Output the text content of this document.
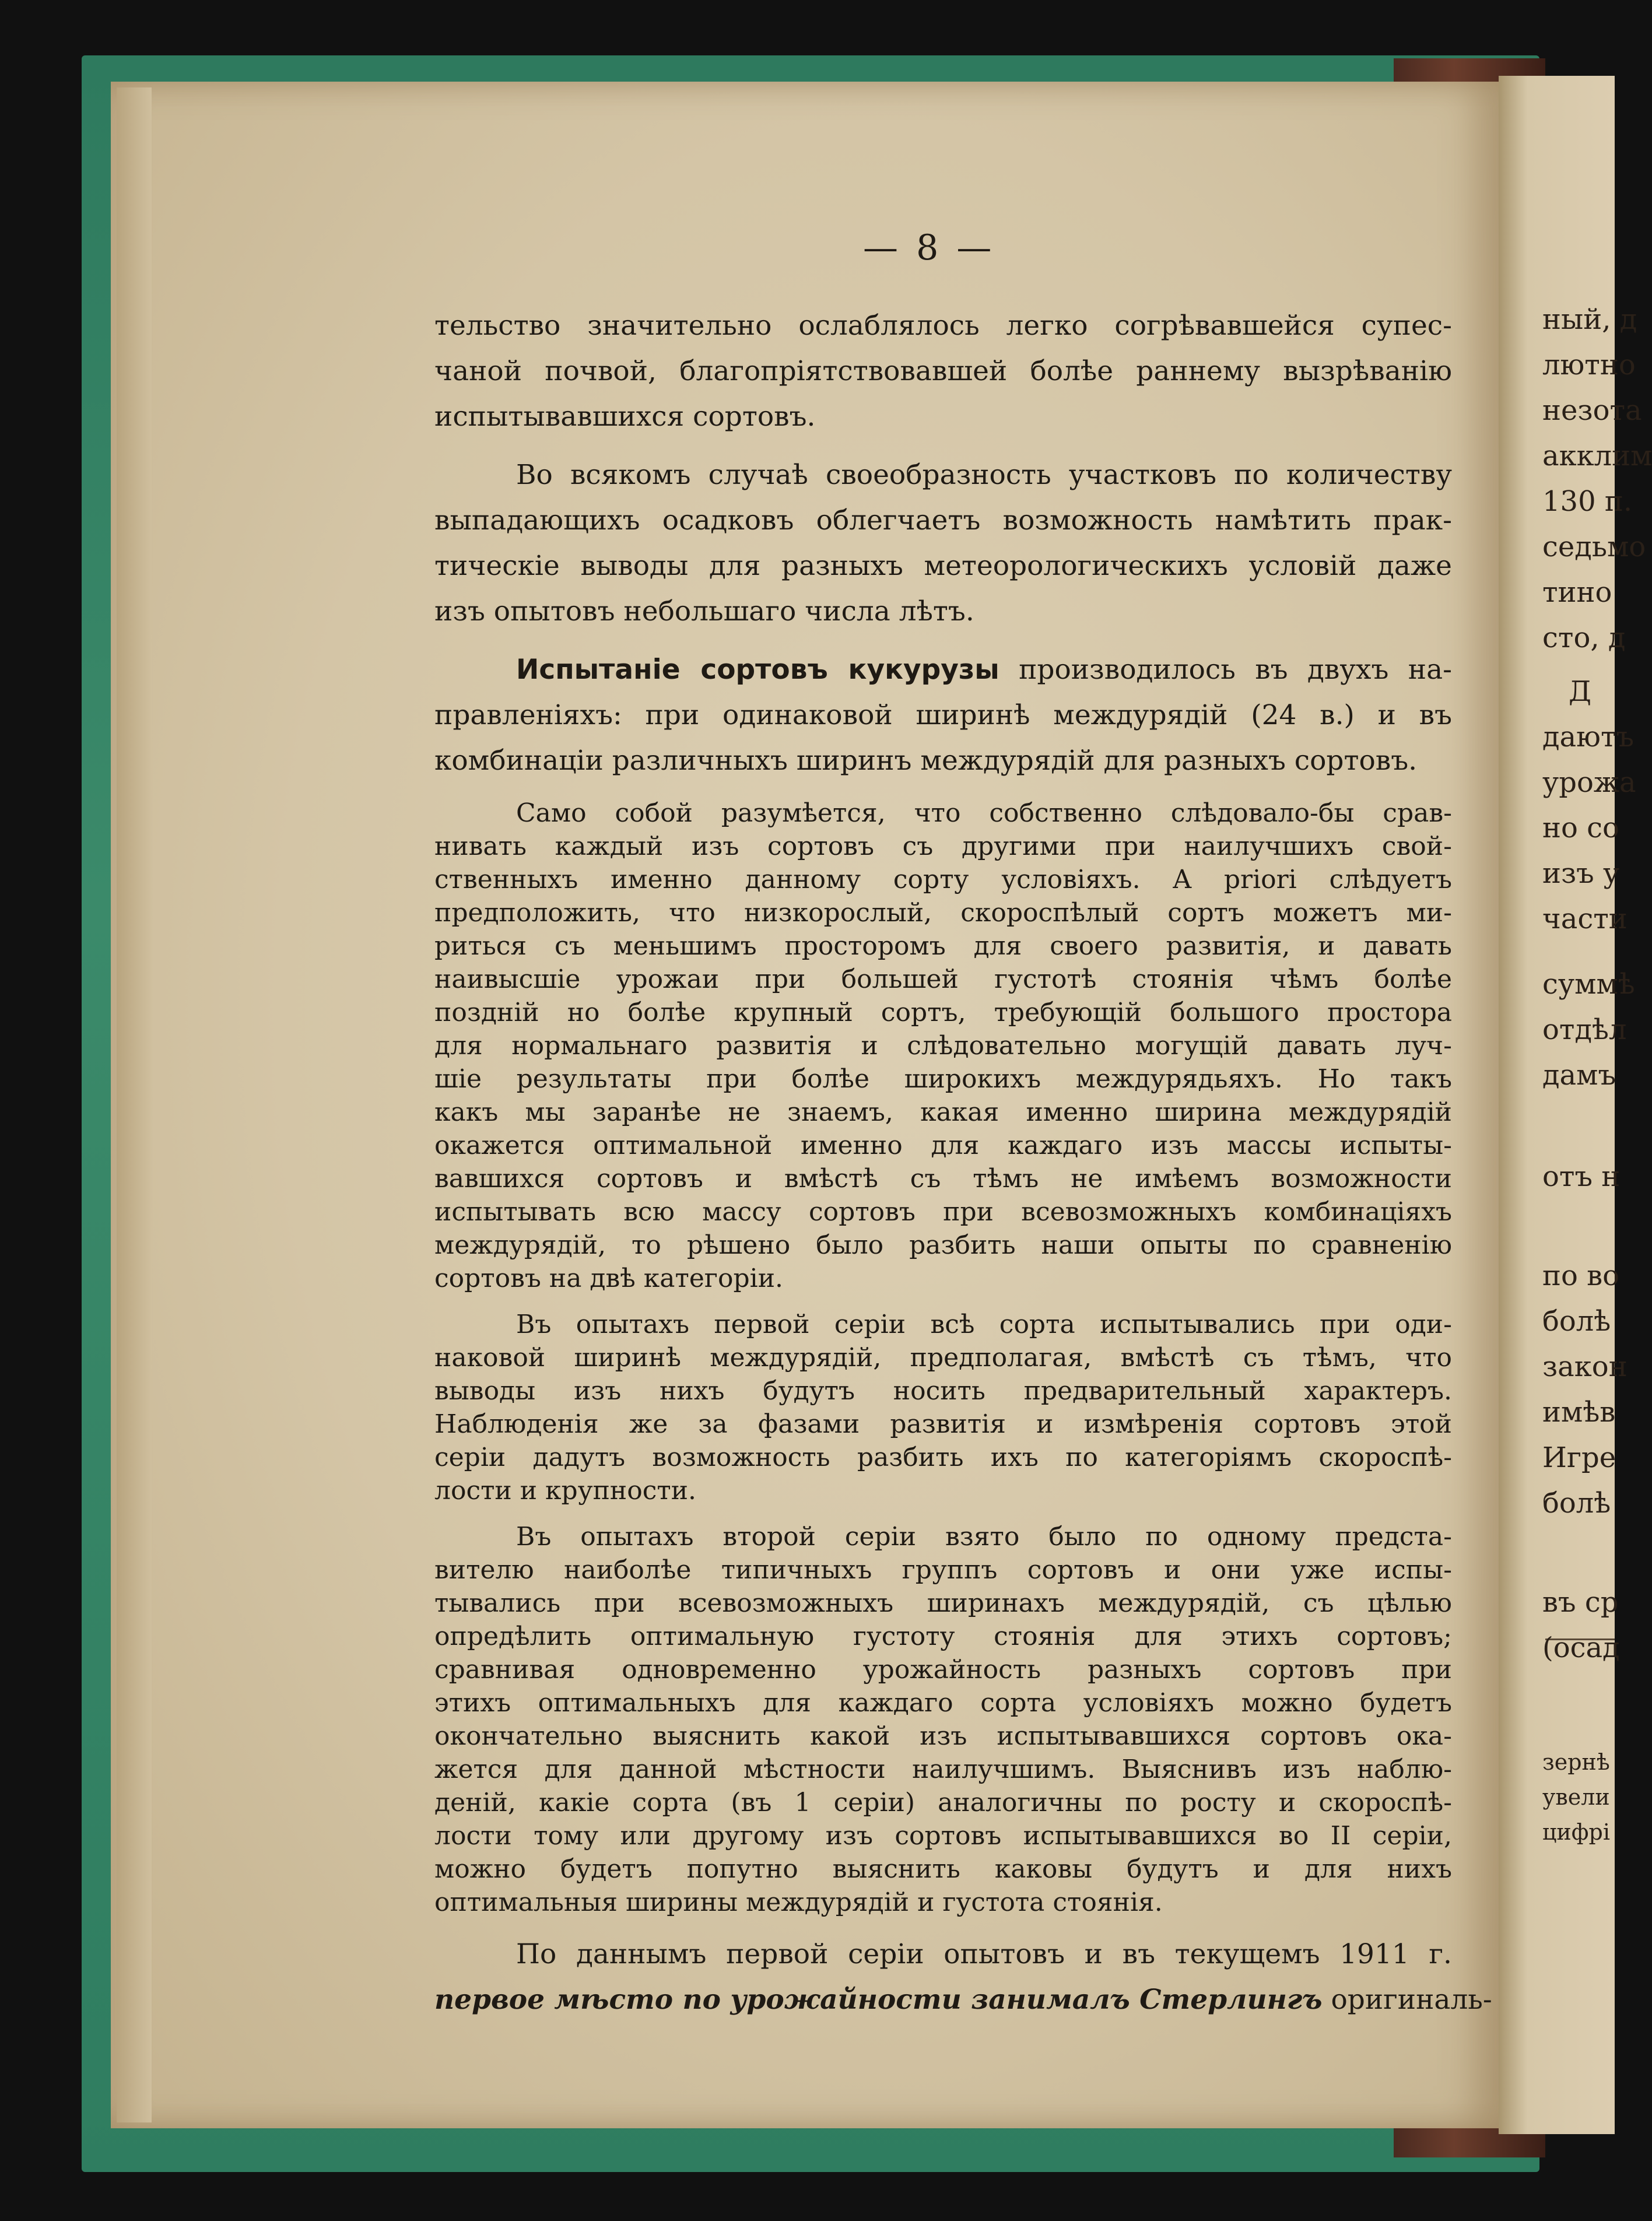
— 8 —

тельство значительно ослаблялось легко согрѣвавшейся супес-
чаной почвой, благопріятствовавшей болѣе раннему вызрѣванію
испытывавшихся сортовъ.

Во всякомъ случаѣ своеобразность участковъ по количеству
выпадающихъ осадковъ облегчаетъ возможность намѣтить прак-
тическіе выводы для разныхъ метеорологическихъ условій даже
изъ опытовъ небольшаго числа лѣтъ.

Испытаніе сортовъ кукурузы производилось въ двухъ на-
правленіяхъ: при одинаковой ширинѣ междурядій (24 в.) и въ
комбинаціи различныхъ ширинъ междурядій для разныхъ сортовъ.

Само собой разумѣется, что собственно слѣдовало-бы срав-
нивать каждый изъ сортовъ съ другими при наилучшихъ свой-
ственныхъ именно данному сорту условіяхъ. A priori слѣдуетъ
предположить, что низкорослый, скороспѣлый сортъ можетъ ми-
риться съ меньшимъ просторомъ для своего развитія, и давать
наивысшіе урожаи при большей густотѣ стоянія чѣмъ болѣе
поздній но болѣе крупный сортъ, требующій большого простора
для нормальнаго развитія и слѣдовательно могущій давать луч-
шіе результаты при болѣе широкихъ междурядьяхъ. Но такъ
какъ мы заранѣе не знаемъ, какая именно ширина междурядій
окажется оптимальной именно для каждаго изъ массы испыты-
вавшихся сортовъ и вмѣстѣ съ тѣмъ не имѣемъ возможности
испытывать всю массу сортовъ при всевозможныхъ комбинаціяхъ
междурядій, то рѣшено было разбить наши опыты по сравненію
сортовъ на двѣ категоріи.

Въ опытахъ первой серіи всѣ сорта испытывались при оди-
наковой ширинѣ междурядій, предполагая, вмѣстѣ съ тѣмъ, что
выводы изъ нихъ будутъ носить предварительный характеръ.
Наблюденія же за фазами развитія и измѣренія сортовъ этой
серіи дадутъ возможность разбить ихъ по категоріямъ скороспѣ-
лости и крупности.

Въ опытахъ второй серіи взято было по одному предста-
вителю наиболѣе типичныхъ группъ сортовъ и они уже испы-
тывались при всевозможныхъ ширинахъ междурядій, съ цѣлью
опредѣлить оптимальную густоту стоянія для этихъ сортовъ;
сравнивая одновременно урожайность разныхъ сортовъ при
этихъ оптимальныхъ для каждаго сорта условіяхъ можно будетъ
окончательно выяснить какой изъ испытывавшихся сортовъ ока-
жется для данной мѣстности наилучшимъ. Выяснивъ изъ наблю-
деній, какіе сорта (въ 1 серіи) аналогичны по росту и скороспѣ-
лости тому или другому изъ сортовъ испытывавшихся во II серіи,
можно будетъ попутно выяснить каковы будутъ и для нихъ
оптимальныя ширины междурядій и густота стоянія.

По даннымъ первой серіи опытовъ и въ текущемъ 1911 г.
первое мѣсто по урожайности занималъ Стерлингъ оригиналь-

ный, д
лютно
незота
акклим
130 п.
седьмо
тино
сто, д
Д
даютъ
урожа
но со
изъ у
части
суммѣ
отдѣл
дамъ
отъ н
по во
болѣ
закон
имѣв
Игре
болѣ
въ ср
(осад
зернѣ
увели
цифрі
